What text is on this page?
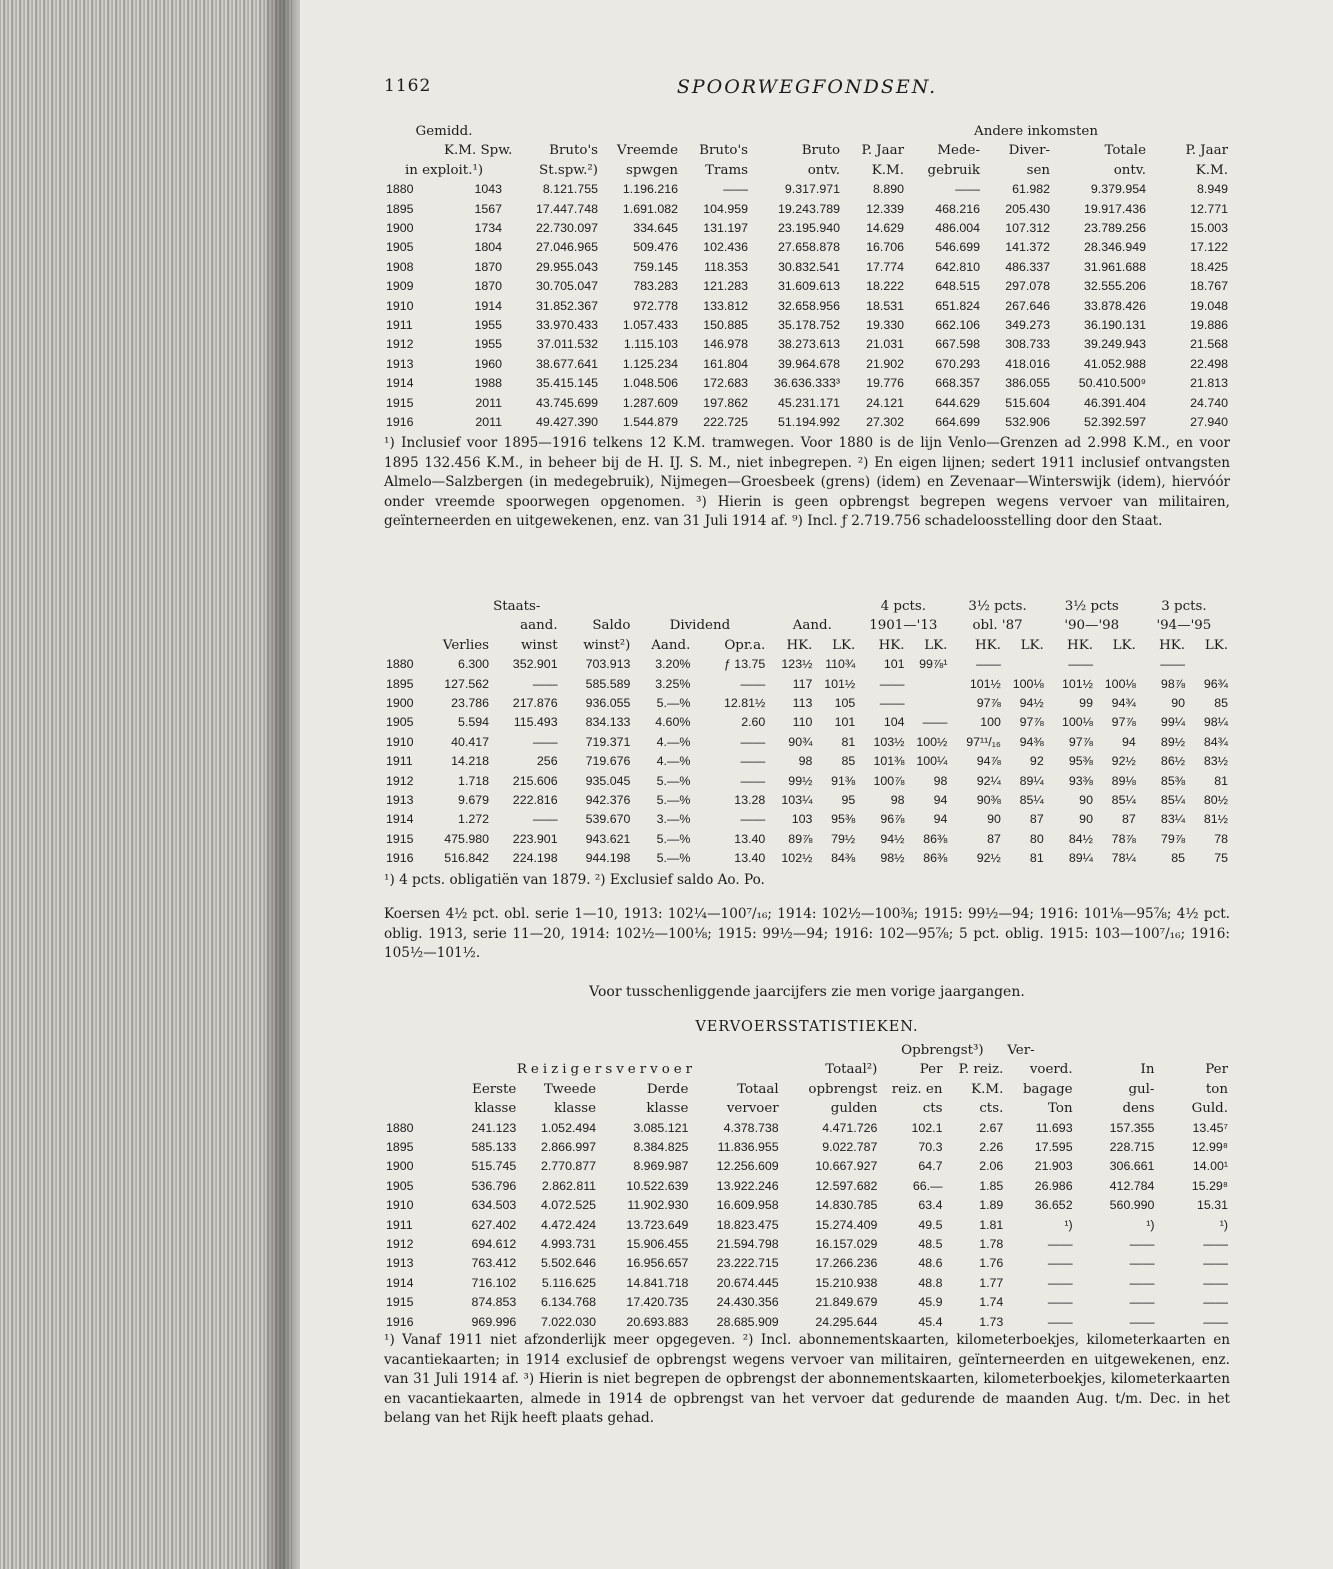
1162	SPOORWEGFONDSEN.
Gemidd.						Andere inkomsten				
	K.M. Spw.	Bruto's	Vreemde	Bruto's	Bruto	P. Jaar	Mede-	Diver-	Totale	P. Jaar
in exploit.¹)		St.spw.²)	spwgen	Trams	ontv.	K.M.	gebruik	sen	ontv.	K.M.
1880	1043	8.121.755	1.196.216	——	9.317.971	8.890	——	61.982	9.379.954	8.949
1895	1567	17.447.748	1.691.082	104.959	19.243.789	12.339	468.216	205.430	19.917.436	12.771
1900	1734	22.730.097	334.645	131.197	23.195.940	14.629	486.004	107.312	23.789.256	15.003
1905	1804	27.046.965	509.476	102.436	27.658.878	16.706	546.699	141.372	28.346.949	17.122
1908	1870	29.955.043	759.145	118.353	30.832.541	17.774	642.810	486.337	31.961.688	18.425
1909	1870	30.705.047	783.283	121.283	31.609.613	18.222	648.515	297.078	32.555.206	18.767
1910	1914	31.852.367	972.778	133.812	32.658.956	18.531	651.824	267.646	33.878.426	19.048
1911	1955	33.970.433	1.057.433	150.885	35.178.752	19.330	662.106	349.273	36.190.131	19.886
1912	1955	37.011.532	1.115.103	146.978	38.273.613	21.031	667.598	308.733	39.249.943	21.568
1913	1960	38.677.641	1.125.234	161.804	39.964.678	21.902	670.293	418.016	41.052.988	22.498
1914	1988	35.415.145	1.048.506	172.683	36.636.333³	19.776	668.357	386.055	50.410.500⁹	21.813
1915	2011	43.745.699	1.287.609	197.862	45.231.171	24.121	644.629	515.604	46.391.404	24.740
1916	2011	49.427.390	1.544.879	222.725	51.194.992	27.302	664.699	532.906	52.392.597	27.940
¹) Inclusief voor 1895—1916 telkens 12 K.M. tramwegen. Voor 1880 is de lijn Venlo—Grenzen ad 2.998 K.M., en voor 1895 132.456 K.M., in beheer bij de H. IJ. S. M., niet inbegrepen. ²) En eigen lijnen; sedert 1911 inclusief ontvangsten Almelo—Salzbergen (in medegebruik), Nijmegen—Groesbeek (grens) (idem) en Zevenaar—Winterswijk (idem), hiervóór onder vreemde spoorwegen opgenomen. ³) Hierin is geen opbrengst begrepen wegens vervoer van militairen, geïnterneerden en uitgewekenen, enz. van 31 Juli 1914 af. ⁹) Incl. ƒ 2.719.756 schadeloosstelling door den Staat.
		Staats-						4 pcts.		3½ pcts.		3½ pcts		3 pcts.	
		aand.	Saldo	Dividend		Aand.		1901—'13		obl. '87		'90—'98		'94—'95	
	Verlies	winst	winst²)	Aand.	Opr.a.	HK.	LK.	HK.	LK.	HK.	LK.	HK.	LK.	HK.	LK.
1880	6.300	352.901	703.913	3.20%	ƒ 13.75	123½	110¾	101	99⅞¹	——		——		——	
1895	127.562	——	585.589	3.25%	——	117	101½	——		101½	100⅛	101½	100⅛	98⅞	96¾
1900	23.786	217.876	936.055	5.—%	12.81½	113	105	——		97⅞	94½	99	94¾	90	85
1905	5.594	115.493	834.133	4.60%	2.60	110	101	104	——	100	97⅞	100⅛	97⅞	99¼	98¼
1910	40.417	——	719.371	4.—%	——	90¾	81	103½	100½	97¹¹/₁₆	94⅜	97⅞	94	89½	84¾
1911	14.218	256	719.676	4.—%	——	98	85	101⅜	100¼	94⅞	92	95⅜	92½	86½	83½
1912	1.718	215.606	935.045	5.—%	——	99½	91⅜	100⅞	98	92¼	89¼	93⅜	89⅛	85⅜	81
1913	9.679	222.816	942.376	5.—%	13.28	103¼	95	98	94	90⅜	85¼	90	85¼	85¼	80½
1914	1.272	——	539.670	3.—%	——	103	95⅜	96⅞	94	90	87	90	87	83¼	81½
1915	475.980	223.901	943.621	5.—%	13.40	89⅞	79½	94½	86⅜	87	80	84½	78⅞	79⅞	78
1916	516.842	224.198	944.198	5.—%	13.40	102½	84⅜	98½	86⅜	92½	81	89¼	78¼	85	75
¹) 4 pcts. obligatiën van 1879. ²) Exclusief saldo Ao. Po.
Koersen 4½ pct. obl. serie 1—10, 1913: 102¼—100⁷/₁₆; 1914: 102½—100⅜; 1915: 99½—94; 1916: 101⅛—95⅞; 4½ pct. oblig. 1913, serie 11—20, 1914: 102½—100⅛; 1915: 99½—94; 1916: 102—95⅞; 5 pct. oblig. 1915: 103—100⁷/₁₆; 1916: 105½—101½.
Voor tusschenliggende jaarcijfers zie men vorige jaargangen.
VERVOERSSTATISTIEKEN.
						Opbrengst³)		Ver-		
	Reizigersvervoer				Totaal²)	Per	P. reiz.	voerd.	In	Per
	Eerste	Tweede	Derde	Totaal	opbrengst	reiz. en	K.M.	bagage	gul-	ton
	klasse	klasse	klasse	vervoer	gulden	cts	cts.	Ton	dens	Guld.
1880	241.123	1.052.494	3.085.121	4.378.738	4.471.726	102.1	2.67	11.693	157.355	13.45⁷
1895	585.133	2.866.997	8.384.825	11.836.955	9.022.787	70.3	2.26	17.595	228.715	12.99⁸
1900	515.745	2.770.877	8.969.987	12.256.609	10.667.927	64.7	2.06	21.903	306.661	14.00¹
1905	536.796	2.862.811	10.522.639	13.922.246	12.597.682	66.—	1.85	26.986	412.784	15.29⁸
1910	634.503	4.072.525	11.902.930	16.609.958	14.830.785	63.4	1.89	36.652	560.990	15.31
1911	627.402	4.472.424	13.723.649	18.823.475	15.274.409	49.5	1.81	¹)	¹)	¹)
1912	694.612	4.993.731	15.906.455	21.594.798	16.157.029	48.5	1.78	——	——	——
1913	763.412	5.502.646	16.956.657	23.222.715	17.266.236	48.6	1.76	——	——	——
1914	716.102	5.116.625	14.841.718	20.674.445	15.210.938	48.8	1.77	——	——	——
1915	874.853	6.134.768	17.420.735	24.430.356	21.849.679	45.9	1.74	——	——	——
1916	969.996	7.022.030	20.693.883	28.685.909	24.295.644	45.4	1.73	——	——	——
¹) Vanaf 1911 niet afzonderlijk meer opgegeven. ²) Incl. abonnementskaarten, kilometerboekjes, kilometerkaarten en vacantiekaarten; in 1914 exclusief de opbrengst wegens vervoer van militairen, geïnterneerden en uitgewekenen, enz. van 31 Juli 1914 af. ³) Hierin is niet begrepen de opbrengst der abonnementskaarten, kilometerboekjes, kilometerkaarten en vacantiekaarten, almede in 1914 de opbrengst van het vervoer dat gedurende de maanden Aug. t/m. Dec. in het belang van het Rijk heeft plaats gehad.
